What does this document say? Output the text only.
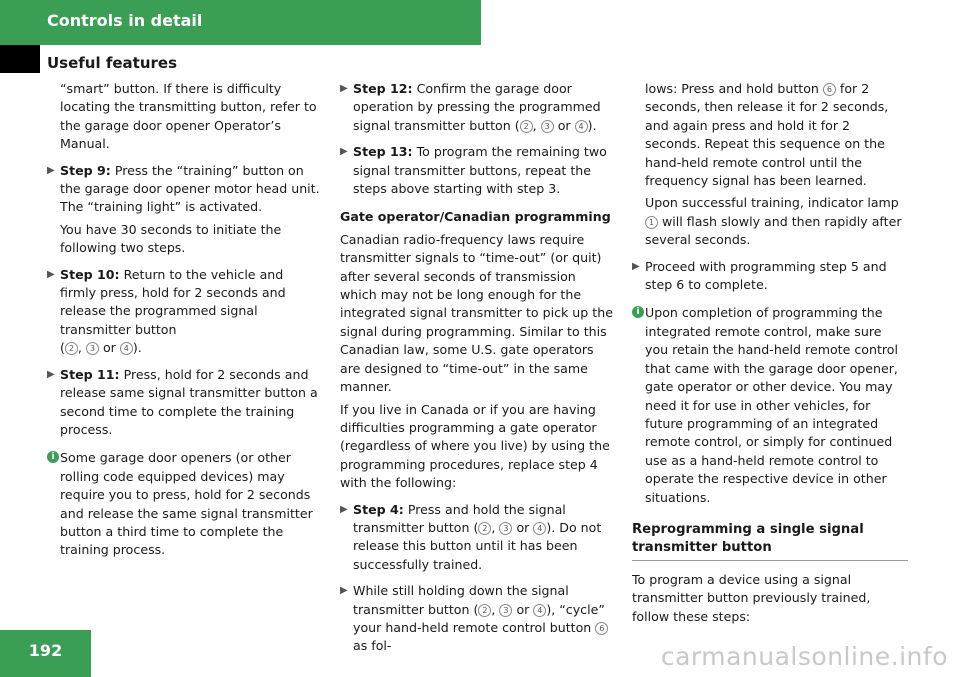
Controls in detail
Useful features

“smart” button. If there is difficulty locating the transmitting button, refer to the garage door opener Operator’s Manual.

▶ Step 9: Press the “training” button on the garage door opener motor head unit.

The “training light” is activated.

You have 30 seconds to initiate the following two steps.

▶ Step 10: Return to the vehicle and firmly press, hold for 2 seconds and release the programmed signal transmitter button
( 2 , 3 or 4 ).
▶ Step 11: Press, hold for 2 seconds and release same signal transmitter button a second time to complete the training process.
i Some garage door openers (or other rolling code equipped devices) may require you to press, hold for 2 seconds and release the same signal transmitter button a third time to complete the training process.
▶ Step 12: Confirm the garage door operation by pressing the programmed signal transmitter button ( 2 , 3 or 4 ).
▶ Step 13: To program the remaining two signal transmitter buttons, repeat the steps above starting with step 3.
Gate operator/Canadian programming

Canadian radio-frequency laws require transmitter signals to “time-out” (or quit) after several seconds of transmission which may not be long enough for the integrated signal transmitter to pick up the signal during programming. Similar to this Canadian law, some U.S. gate operators are designed to “time-out” in the same manner.

If you live in Canada or if you are having difficulties programming a gate operator (regardless of where you live) by using the programming procedures, replace step 4 with the following:

▶ Step 4: Press and hold the signal transmitter button ( 2 , 3 or 4 ). Do not release this button until it has been successfully trained.
▶ While still holding down the signal transmitter button ( 2 , 3 or 4 ), “cycle” your hand-held remote control button 6 as fol-

lows: Press and hold button 6 for 2 seconds, then release it for 2 seconds, and again press and hold it for 2 seconds. Repeat this sequence on the hand-held remote control until the frequency signal has been learned.

Upon successful training, indicator lamp 1 will flash slowly and then rapidly after several seconds.

▶ Proceed with programming step 5 and step 6 to complete.
i Upon completion of programming the integrated remote control, make sure you retain the hand-held remote control that came with the garage door opener, gate operator or other device. You may need it for use in other vehicles, for future programming of an integrated remote control, or simply for continued use as a hand-held remote control to operate the respective device in other situations.
Reprogramming a single signal transmitter button

To program a device using a signal transmitter button previously trained, follow these steps:

192	carmanualsonline.info
